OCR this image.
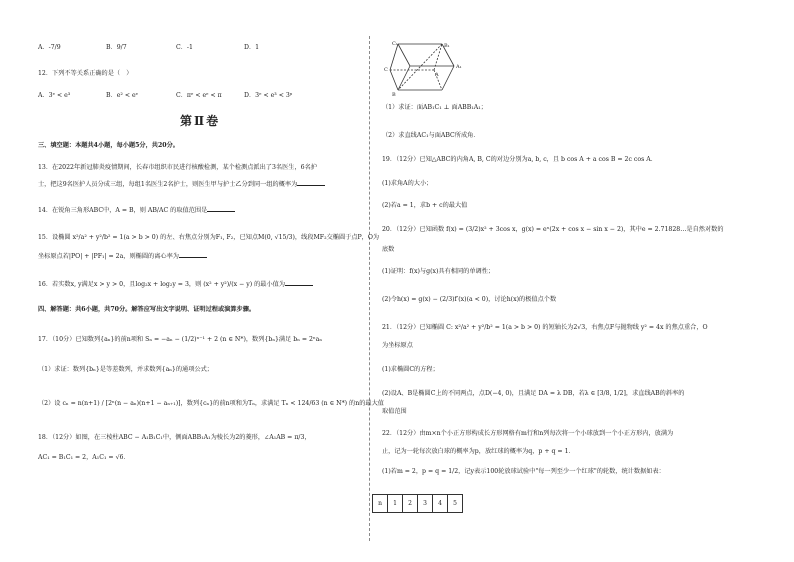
A．-7/9	B．9/7	C．-1	D．1
12．下列不等关系正确的是（　）
A．3ᵉ < e³	B．e² < eᵉ	C．πᵉ < eᵉ < π	D．3ᵉ < e³ < 3ᵖ
第Ⅱ卷
三、填空题：本题共4小题，每小题5分，共20分。
13．在2022年新冠肺炎疫情期间，长春市组织市民进行核酸检测，某个检测点派出了3名医生，6名护
士，把这9名医护人员分成三组，每组1名医生2名护士，则医生甲与护士乙分到同一组的概率为
14．在锐角三角形ABC中，A = B，则 AB/AC 的取值范围是
15．设椭圆 x²/a² + y²/b² = 1(a > b > 0) 的左、右焦点分别为F₁, F₂，已知点M(0, √15/3)，线段MF₂交椭圆于点P，O为
坐标原点若|PO| + |PF₁| = 2a，则椭圆的离心率为
16．若实数x, y满足x > y > 0，且log₂x + log₂y = 3，则 (x² + y²)/(x − y) 的最小值为
四、解答题：共6小题，共70分。解答应写出文字说明、证明过程或演算步骤。
17．（10分）已知数列{aₙ}的前n项和 Sₙ = −aₙ − (1/2)ⁿ⁻¹ + 2 (n ∈ N*)，数列{bₙ}满足 bₙ = 2ⁿaₙ
（1）求证：数列{bₙ}是等差数列，并求数列{aₙ}的通项公式；
（2）设 cₙ = n(n+1) / [2ⁿ(n − aₙ)(n+1 − aₙ₊₁)]，数列{cₙ}的前n项和为Tₙ，求满足 Tₙ < 124/63 (n ∈ N*) 的n的最大值
18．（12分）如图，在三棱柱ABC − A₁B₁C₁中，侧面ABB₁A₁为棱长为2的菱形，∠A₁AB = π/3，
AC₁ = B₁C₁ = 2，A₁C₁ = √6．
C₁
A₁
B₁
C
A
B
（1）求证：面AB₁C₁ ⊥ 面ABB₁A₁；
（2）求直线AC₁与面ABC所成角．
19．（12分）已知△ABC的内角A, B, C的对边分别为a, b, c，且 b cos A + a cos B = 2c cos A．
(1)求角A的大小；
(2)若a = 1，求b + c的最大值
20．（12分）已知函数 f(x) = (3/2)x² + 3cos x，g(x) = eˣ(2x + cos x − sin x − 2)，其中e = 2.71828…是自然对数的
底数
(1)证明：f(x)与g(x)具有相同的单调性；
(2)令h(x) = g(x) − (2/3)f′(x)(a < 0)，讨论h(x)的极值点个数
21．（12分）已知椭圆 C: x²/a² + y²/b² = 1(a > b > 0) 的短轴长为2√3，右焦点F与抛物线 y² = 4x 的焦点重合，O
为坐标原点
(1)求椭圆C的方程；
(2)设A、B是椭圆C上的不同两点，点D(−4, 0)，且满足 DA = λ DB，若λ ∈ [3/8, 1/2]，求直线AB的斜率的
取值范围
22．（12分）由m×n个小正方形构成长方形网格有m行和n列每次将一个小球放到一个小正方形内，放满为
止，记为一轮每次放白球的概率为p，放红球的概率为q，p + q = 1．
(1)若m = 2，p = q = 1/2，记y表示100轮放球试验中"每一列至少一个红球"的轮数，统计数据如表：
n	1	2	3	4	5
